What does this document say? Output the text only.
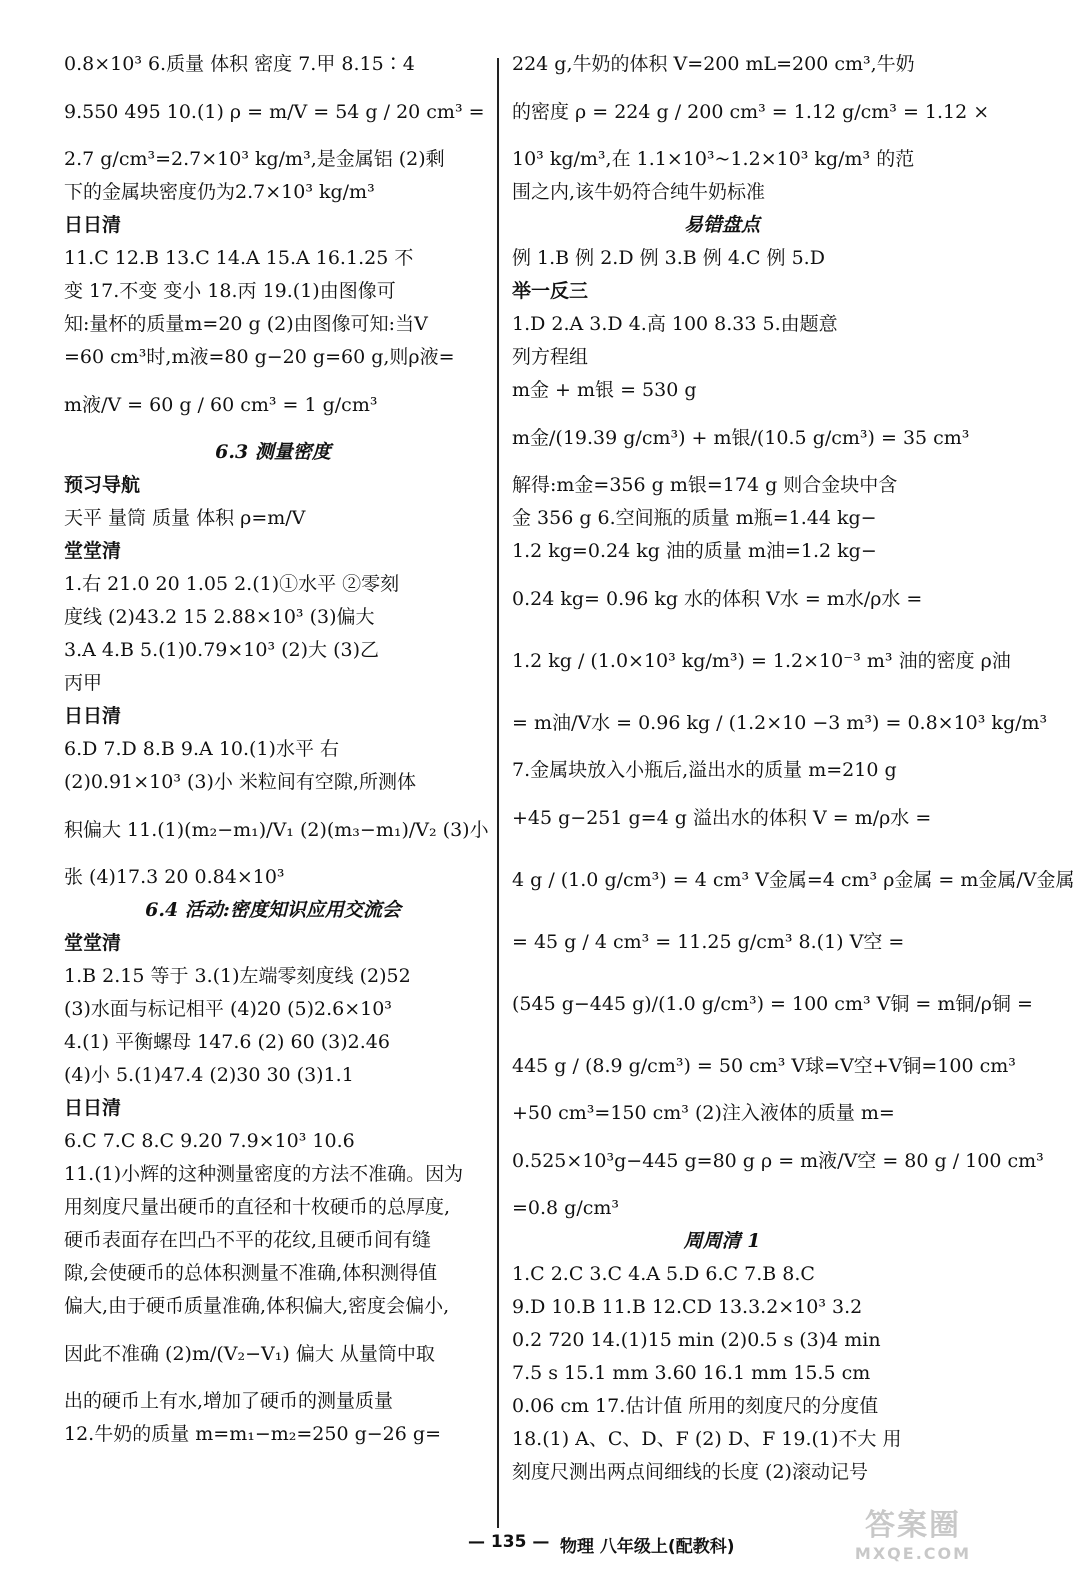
0.8×10³ 6.质量 体积 密度 7.甲 8.15∶4
9.550 495 10.(1) ρ = m/V = 54 g / 20 cm³ =
2.7 g/cm³=2.7×10³ kg/m³,是金属铝 (2)剩
下的金属块密度仍为2.7×10³ kg/m³
日日清
11.C 12.B 13.C 14.A 15.A 16.1.25 不
变 17.不变 变小 18.丙 19.(1)由图像可
知:量杯的质量m=20 g (2)由图像可知:当V
=60 cm³时,m液=80 g−20 g=60 g,则ρ液=
m液/V = 60 g / 60 cm³ = 1 g/cm³
6.3 测量密度
预习导航
天平 量筒 质量 体积 ρ=m/V
堂堂清
1.右 21.0 20 1.05 2.(1)①水平 ②零刻
度线 (2)43.2 15 2.88×10³ (3)偏大
3.A 4.B 5.(1)0.79×10³ (2)大 (3)乙
丙甲
日日清
6.D 7.D 8.B 9.A 10.(1)水平 右
(2)0.91×10³ (3)小 米粒间有空隙,所测体
积偏大 11.(1)(m₂−m₁)/V₁ (2)(m₃−m₁)/V₂ (3)小
张 (4)17.3 20 0.84×10³
6.4 活动:密度知识应用交流会
堂堂清
1.B 2.15 等于 3.(1)左端零刻度线 (2)52
(3)水面与标记相平 (4)20 (5)2.6×10³
4.(1) 平衡螺母 147.6 (2) 60 (3)2.46
(4)小 5.(1)47.4 (2)30 30 (3)1.1
日日清
6.C 7.C 8.C 9.20 7.9×10³ 10.6
11.(1)小辉的这种测量密度的方法不准确。因为
用刻度尺量出硬币的直径和十枚硬币的总厚度,
硬币表面存在凹凸不平的花纹,且硬币间有缝
隙,会使硬币的总体积测量不准确,体积测得值
偏大,由于硬币质量准确,体积偏大,密度会偏小,
因此不准确 (2)m/(V₂−V₁) 偏大 从量筒中取
出的硬币上有水,增加了硬币的测量质量
12.牛奶的质量 m=m₁−m₂=250 g−26 g=
224 g,牛奶的体积 V=200 mL=200 cm³,牛奶
的密度 ρ = 224 g / 200 cm³ = 1.12 g/cm³ = 1.12 ×
10³ kg/m³,在 1.1×10³~1.2×10³ kg/m³ 的范
围之内,该牛奶符合纯牛奶标准
易错盘点
例 1.B 例 2.D 例 3.B 例 4.C 例 5.D
举一反三
1.D 2.A 3.D 4.高 100 8.33 5.由题意
列方程组
m金 + m银 = 530 g
m金/(19.39 g/cm³) + m银/(10.5 g/cm³) = 35 cm³
解得:m金=356 g m银=174 g 则合金块中含
金 356 g 6.空间瓶的质量 m瓶=1.44 kg−
1.2 kg=0.24 kg 油的质量 m油=1.2 kg−
0.24 kg= 0.96 kg 水的体积 V水 = m水/ρ水 =
1.2 kg / (1.0×10³ kg/m³) = 1.2×10⁻³ m³ 油的密度 ρ油
= m油/V水 = 0.96 kg / (1.2×10 −3 m³) = 0.8×10³ kg/m³
7.金属块放入小瓶后,溢出水的质量 m=210 g
+45 g−251 g=4 g 溢出水的体积 V = m/ρ水 =
4 g / (1.0 g/cm³) = 4 cm³ V金属=4 cm³ ρ金属 = m金属/V金属
= 45 g / 4 cm³ = 11.25 g/cm³ 8.(1) V空 =
(545 g−445 g)/(1.0 g/cm³) = 100 cm³ V铜 = m铜/ρ铜 =
445 g / (8.9 g/cm³) = 50 cm³ V球=V空+V铜=100 cm³
+50 cm³=150 cm³ (2)注入液体的质量 m=
0.525×10³g−445 g=80 g ρ = m液/V空 = 80 g / 100 cm³
=0.8 g/cm³
周周清 1
1.C 2.C 3.C 4.A 5.D 6.C 7.B 8.C
9.D 10.B 11.B 12.CD 13.3.2×10³ 3.2
0.2 720 14.(1)15 min (2)0.5 s (3)4 min
7.5 s 15.1 mm 3.60 16.1 mm 15.5 cm
0.06 cm 17.估计值 所用的刻度尺的分度值
18.(1) A、C、D、F (2) D、F 19.(1)不大 用
刻度尺测出两点间细线的长度 (2)滚动记号
— 135 — 物理 八年级上(配教科)
答案圈
MXQE.COM
